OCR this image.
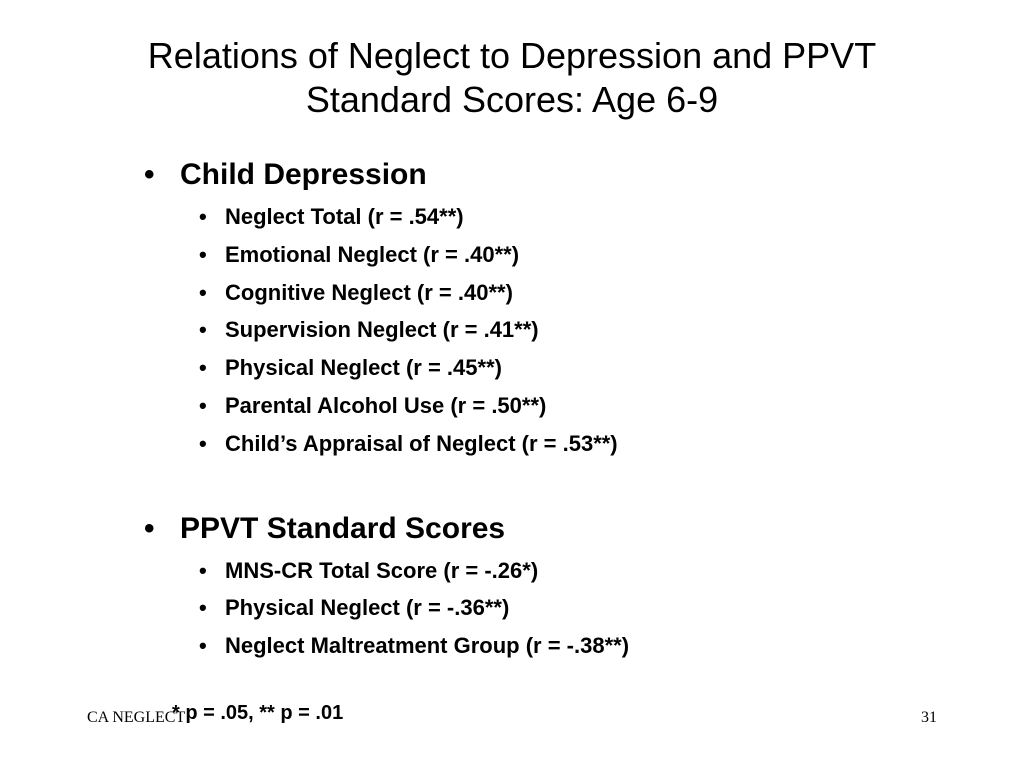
Relations of Neglect to Depression and PPVT
Standard Scores: Age 6-9
• Child Depression
• Neglect Total (r = .54**)
• Emotional Neglect (r = .40**)
• Cognitive Neglect (r = .40**)
• Supervision Neglect (r = .41**)
• Physical Neglect (r = .45**)
• Parental Alcohol Use (r = .50**)
• Child’s Appraisal of Neglect (r = .53**)
• PPVT Standard Scores
• MNS-CR Total Score (r = -.26*)
• Physical Neglect (r = -.36**)
• Neglect Maltreatment Group (r = -.38**)
CA NEGLECT
* p = .05, ** p = .01	31
